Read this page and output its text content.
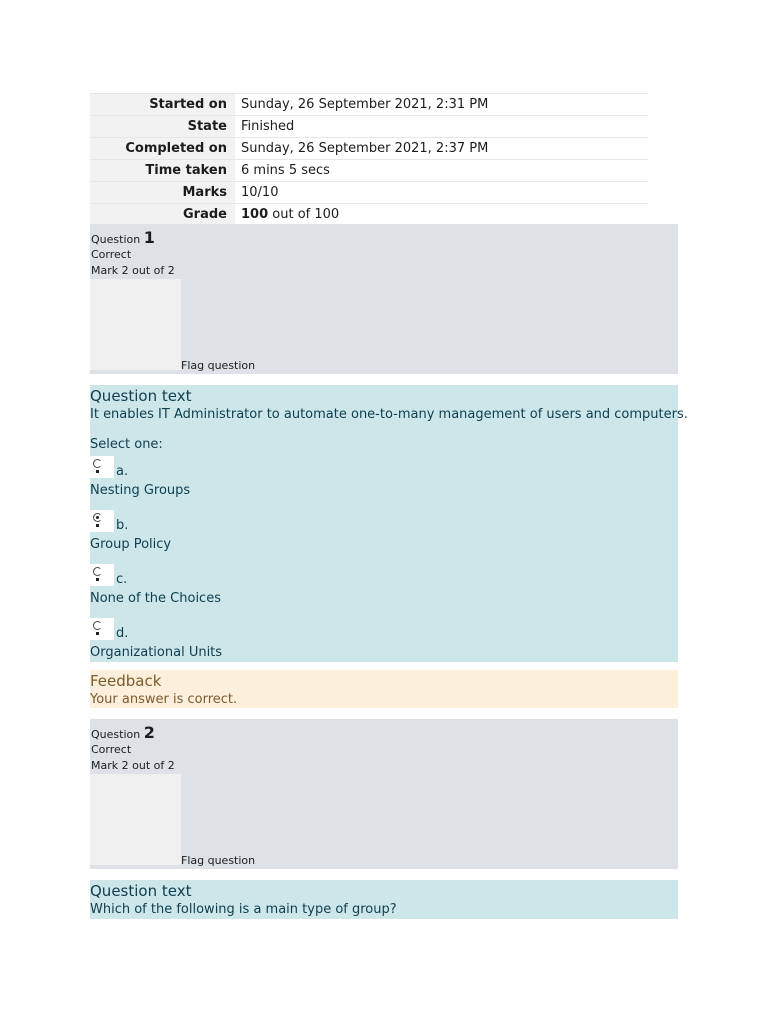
Started on	Sunday, 26 September 2021, 2:31 PM
State	Finished
Completed on	Sunday, 26 September 2021, 2:37 PM
Time taken	6 mins 5 secs
Marks	10/10
Grade	100 out of 100
Question 1
Correct
Mark 2 out of 2
Flag question
Question text
It enables IT Administrator to automate one-to-many management of users and computers.
Select one:
a.
Nesting Groups
b.
Group Policy
c.
None of the Choices
d.
Organizational Units
Feedback
Your answer is correct.
Question 2
Correct
Mark 2 out of 2
Flag question
Question text
Which of the following is a main type of group?
